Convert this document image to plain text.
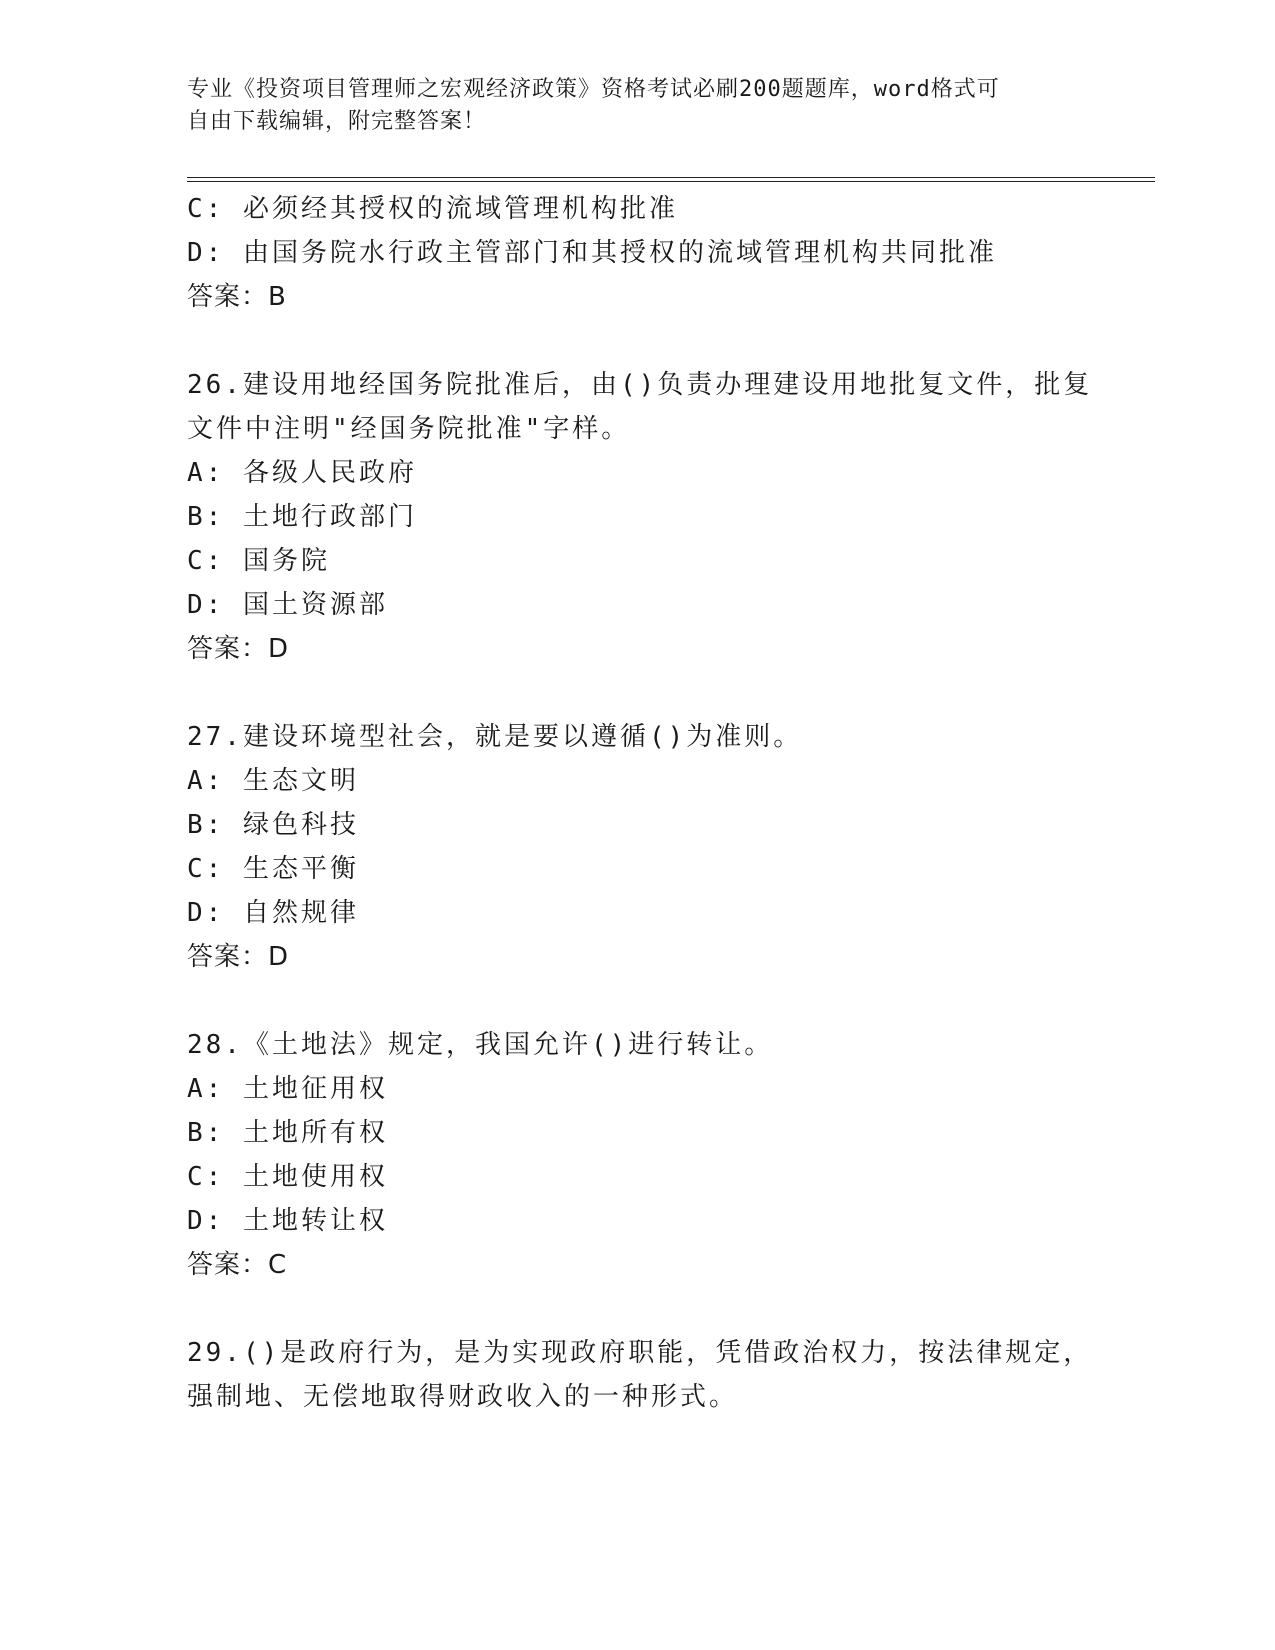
专业《投资项目管理师之宏观经济政策》资格考试必刷200题题库，word格式可
自由下载编辑，附完整答案！
C: 必须经其授权的流域管理机构批准
D: 由国务院水行政主管部门和其授权的流域管理机构共同批准
答案：B
26.建设用地经国务院批准后，由()负责办理建设用地批复文件，批复
文件中注明"经国务院批准"字样。
A: 各级人民政府
B: 土地行政部门
C: 国务院
D: 国土资源部
答案：D
27.建设环境型社会，就是要以遵循()为准则。
A: 生态文明
B: 绿色科技
C: 生态平衡
D: 自然规律
答案：D
28.《土地法》规定，我国允许()进行转让。
A: 土地征用权
B: 土地所有权
C: 土地使用权
D: 土地转让权
答案：C
29.()是政府行为，是为实现政府职能，凭借政治权力，按法律规定，
强制地、无偿地取得财政收入的一种形式。
